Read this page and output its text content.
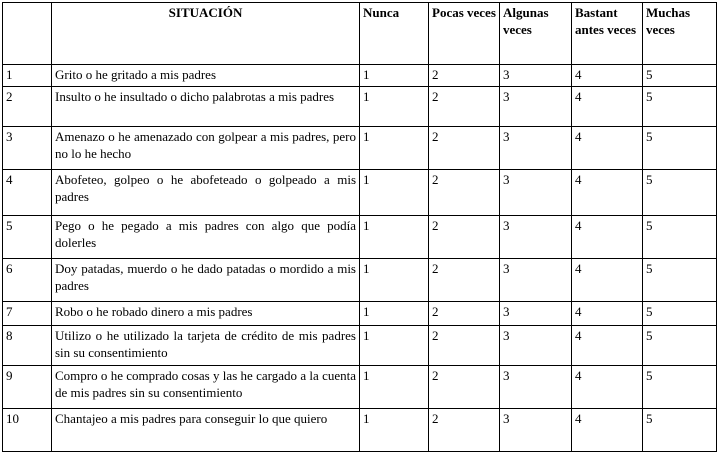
	SITUACIÓN	Nunca	Pocas veces	Algunas veces	Bastant antes veces	Muchas veces
1	Grito o he gritado a mis padres	1	2	3	4	5
2	Insulto o he insultado o dicho palabrotas a mis padres	1	2	3	4	5
3	Amenazo o he amenazado con golpear a mis padres, pero no lo he hecho	1	2	3	4	5
4	Abofeteo, golpeo o he abofeteado o golpeado a mis padres	1	2	3	4	5
5	Pego o he pegado a mis padres con algo que podía dolerles	1	2	3	4	5
6	Doy patadas, muerdo o he dado patadas o mordido a mis padres	1	2	3	4	5
7	Robo o he robado dinero a mis padres	1	2	3	4	5
8	Utilizo o he utilizado la tarjeta de crédito de mis padres sin su consentimiento	1	2	3	4	5
9	Compro o he comprado cosas y las he cargado a la cuenta de mis padres sin su consentimiento	1	2	3	4	5
10	Chantajeo a mis padres para conseguir lo que quiero	1	2	3	4	5
